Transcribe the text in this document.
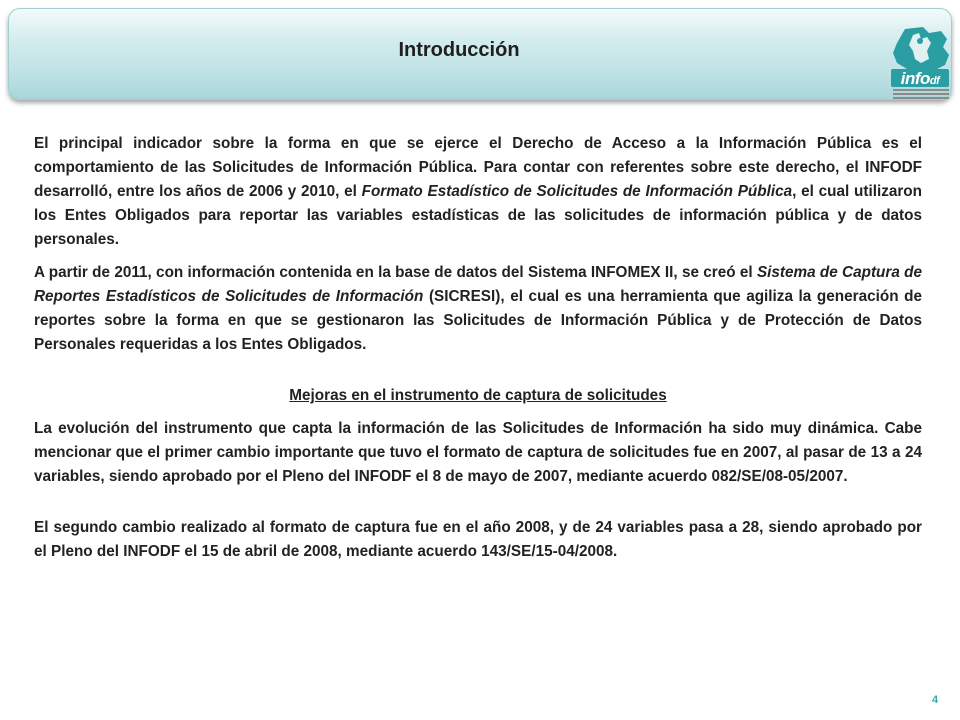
Introducción
infodf

El principal indicador sobre la forma en que se ejerce el Derecho de Acceso a la Información Pública es el comportamiento de las Solicitudes de Información Pública. Para contar con referentes sobre este derecho, el INFODF desarrolló, entre los años de 2006 y 2010, el Formato Estadístico de Solicitudes de Información Pública, el cual utilizaron los Entes Obligados para reportar las variables estadísticas de las solicitudes de información pública y de datos personales.

A partir de 2011, con información contenida en la base de datos del Sistema INFOMEX II, se creó el Sistema de Captura de Reportes Estadísticos de Solicitudes de Información (SICRESI), el cual es una herramienta que agiliza la generación de reportes sobre la forma en que se gestionaron las Solicitudes de Información Pública y de Protección de Datos Personales requeridas a los Entes Obligados.

Mejoras en el instrumento de captura de solicitudes

La evolución del instrumento que capta la información de las Solicitudes de Información ha sido muy dinámica. Cabe mencionar que el primer cambio importante que tuvo el formato de captura de solicitudes fue en 2007, al pasar de 13 a 24 variables, siendo aprobado por el Pleno del INFODF el 8 de mayo de 2007, mediante acuerdo 082/SE/08-05/2007.

El segundo cambio realizado al formato de captura fue en el año 2008, y de 24 variables pasa a 28, siendo aprobado por el Pleno del INFODF el 15 de abril de 2008, mediante acuerdo 143/SE/15-04/2008.

4
